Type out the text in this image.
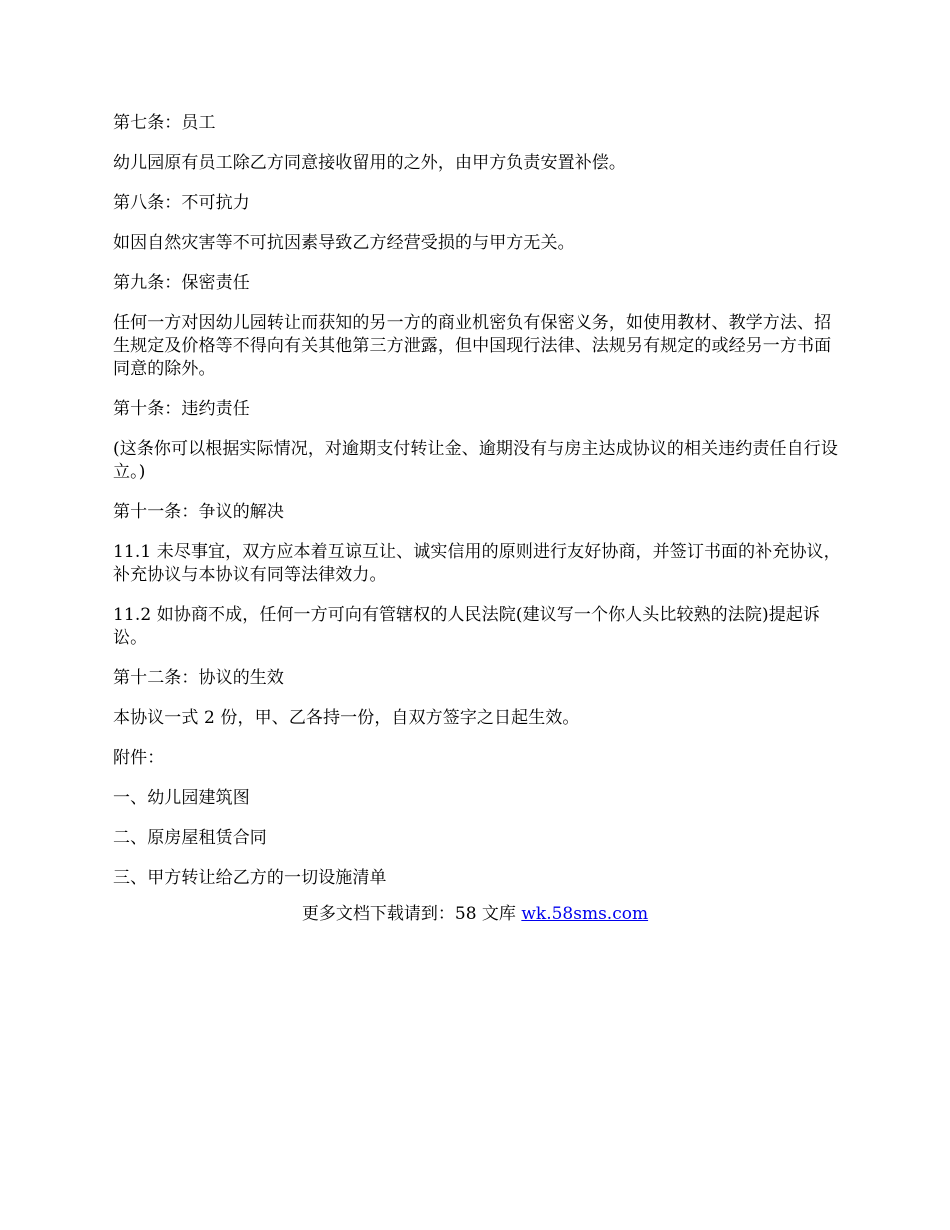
第七条：员工

幼儿园原有员工除乙方同意接收留用的之外，由甲方负责安置补偿。

第八条：不可抗力

如因自然灾害等不可抗因素导致乙方经营受损的与甲方无关。

第九条：保密责任

任何一方对因幼儿园转让而获知的另一方的商业机密负有保密义务，如使用教材、教学方法、招生规定及价格等不得向有关其他第三方泄露，但中国现行法律、法规另有规定的或经另一方书面同意的除外。

第十条：违约责任

(这条你可以根据实际情况，对逾期支付转让金、逾期没有与房主达成协议的相关违约责任自行设立。)

第十一条：争议的解决

11.1 未尽事宜，双方应本着互谅互让、诚实信用的原则进行友好协商，并签订书面的补充协议，补充协议与本协议有同等法律效力。

11.2 如协商不成，任何一方可向有管辖权的人民法院(建议写一个你人头比较熟的法院)提起诉讼。

第十二条：协议的生效

本协议一式 2 份，甲、乙各持一份，自双方签字之日起生效。

附件：

一、幼儿园建筑图

二、原房屋租赁合同

三、甲方转让给乙方的一切设施清单

更多文档下载请到：58 文库 wk.58sms.com
